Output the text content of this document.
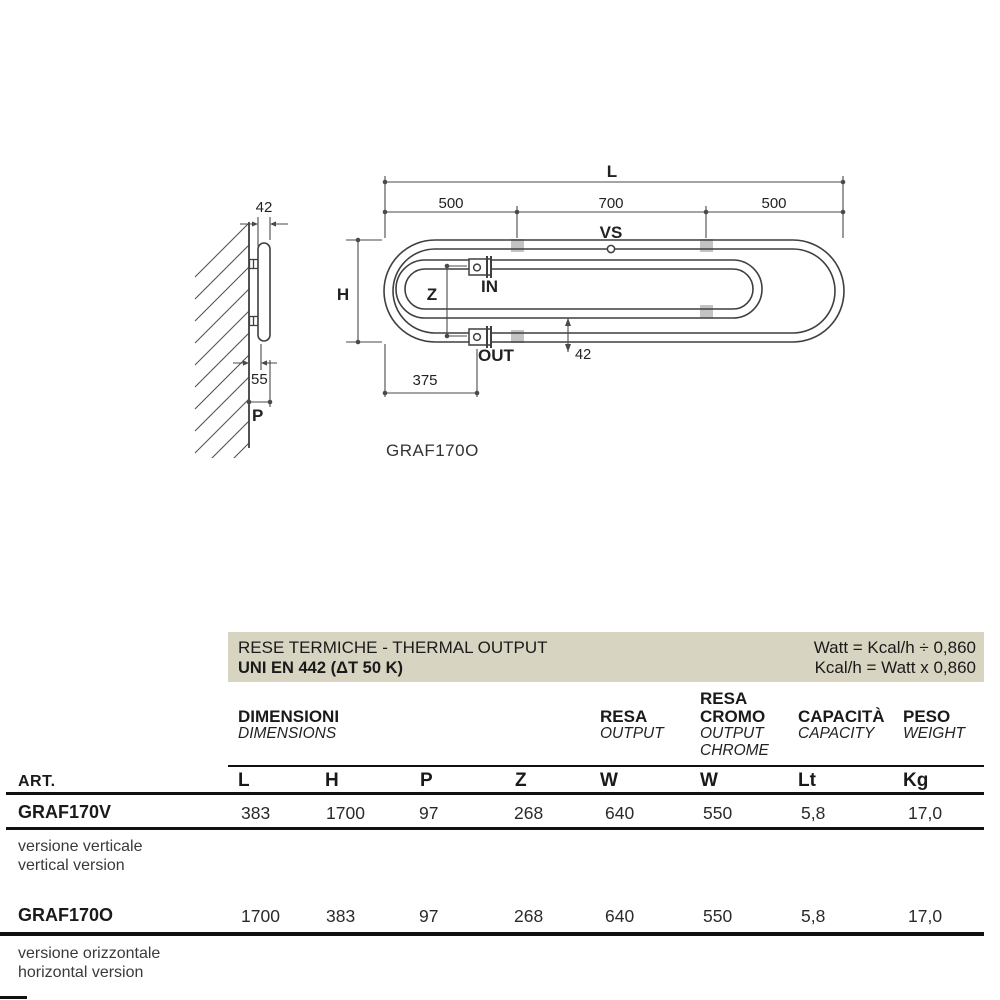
42
55
P
L
500	700	500
VS
H	Z	IN
OUT	42
375
GRAF170O
RESE TERMICHE - THERMAL OUTPUT
UNI EN 442 (ΔT 50 K)
Watt = Kcal/h ÷ 0,860
Kcal/h = Watt x 0,860
DIMENSIONI
DIMENSIONS
RESA
OUTPUT
RESA CROMO
OUTPUT CHROME
CAPACITÀ
CAPACITY
PESO
WEIGHT
ART.	L	H	P	Z	W	W	Lt	Kg
GRAF170V	383	1700	97	268	640	550	5,8	17,0
versione verticale
vertical version
GRAF170O	1700	383	97	268	640	550	5,8	17,0
versione orizzontale
horizontal version
